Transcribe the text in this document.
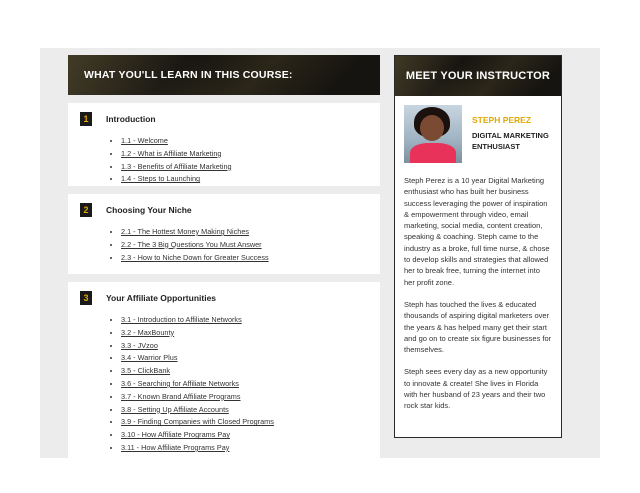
WHAT YOU'LL LEARN IN THIS COURSE:
1	Introduction
• 1.1 - Welcome
• 1.2 - What is Affiliate Marketing
• 1.3 - Benefits of Affiliate Marketing
• 1.4 - Steps to Launching
2	Choosing Your Niche
• 2.1 - The Hottest Money Making Niches
• 2.2 - The 3 Big Questions You Must Answer
• 2.3 - How to Niche Down for Greater Success
3	Your Affiliate Opportunities
• 3.1 - Introduction to Affiliate Networks
• 3.2 - MaxBounty
• 3.3 - JVzoo
• 3.4 - Warrior Plus
• 3.5 - ClickBank
• 3.6 - Searching for Affiliate Networks
• 3.7 - Known Brand Affiliate Programs
• 3.8 - Setting Up Affiliate Accounts
• 3.9 - Finding Companies with Closed Programs
• 3.10 - How Affiliate Programs Pay
• 3.11 - How Affiliate Programs Pay
MEET YOUR INSTRUCTOR
STEPH PEREZ
DIGITAL MARKETING ENTHUSIAST

Steph Perez is a 10 year Digital Marketing enthusiast who has built her business success leveraging the power of inspiration & empowerment through video, email marketing, social media, content creation, speaking & coaching. Steph came to the industry as a broke, full time nurse, & chose to develop skills and strategies that allowed her to break free, turning the internet into her profit zone.

Steph has touched the lives & educated thousands of aspiring digital marketers over the years & has helped many get their start and go on to create six figure businesses for themselves.

Steph sees every day as a new opportunity to innovate & create! She lives in Florida with her husband of 23 years and their two rock star kids.
